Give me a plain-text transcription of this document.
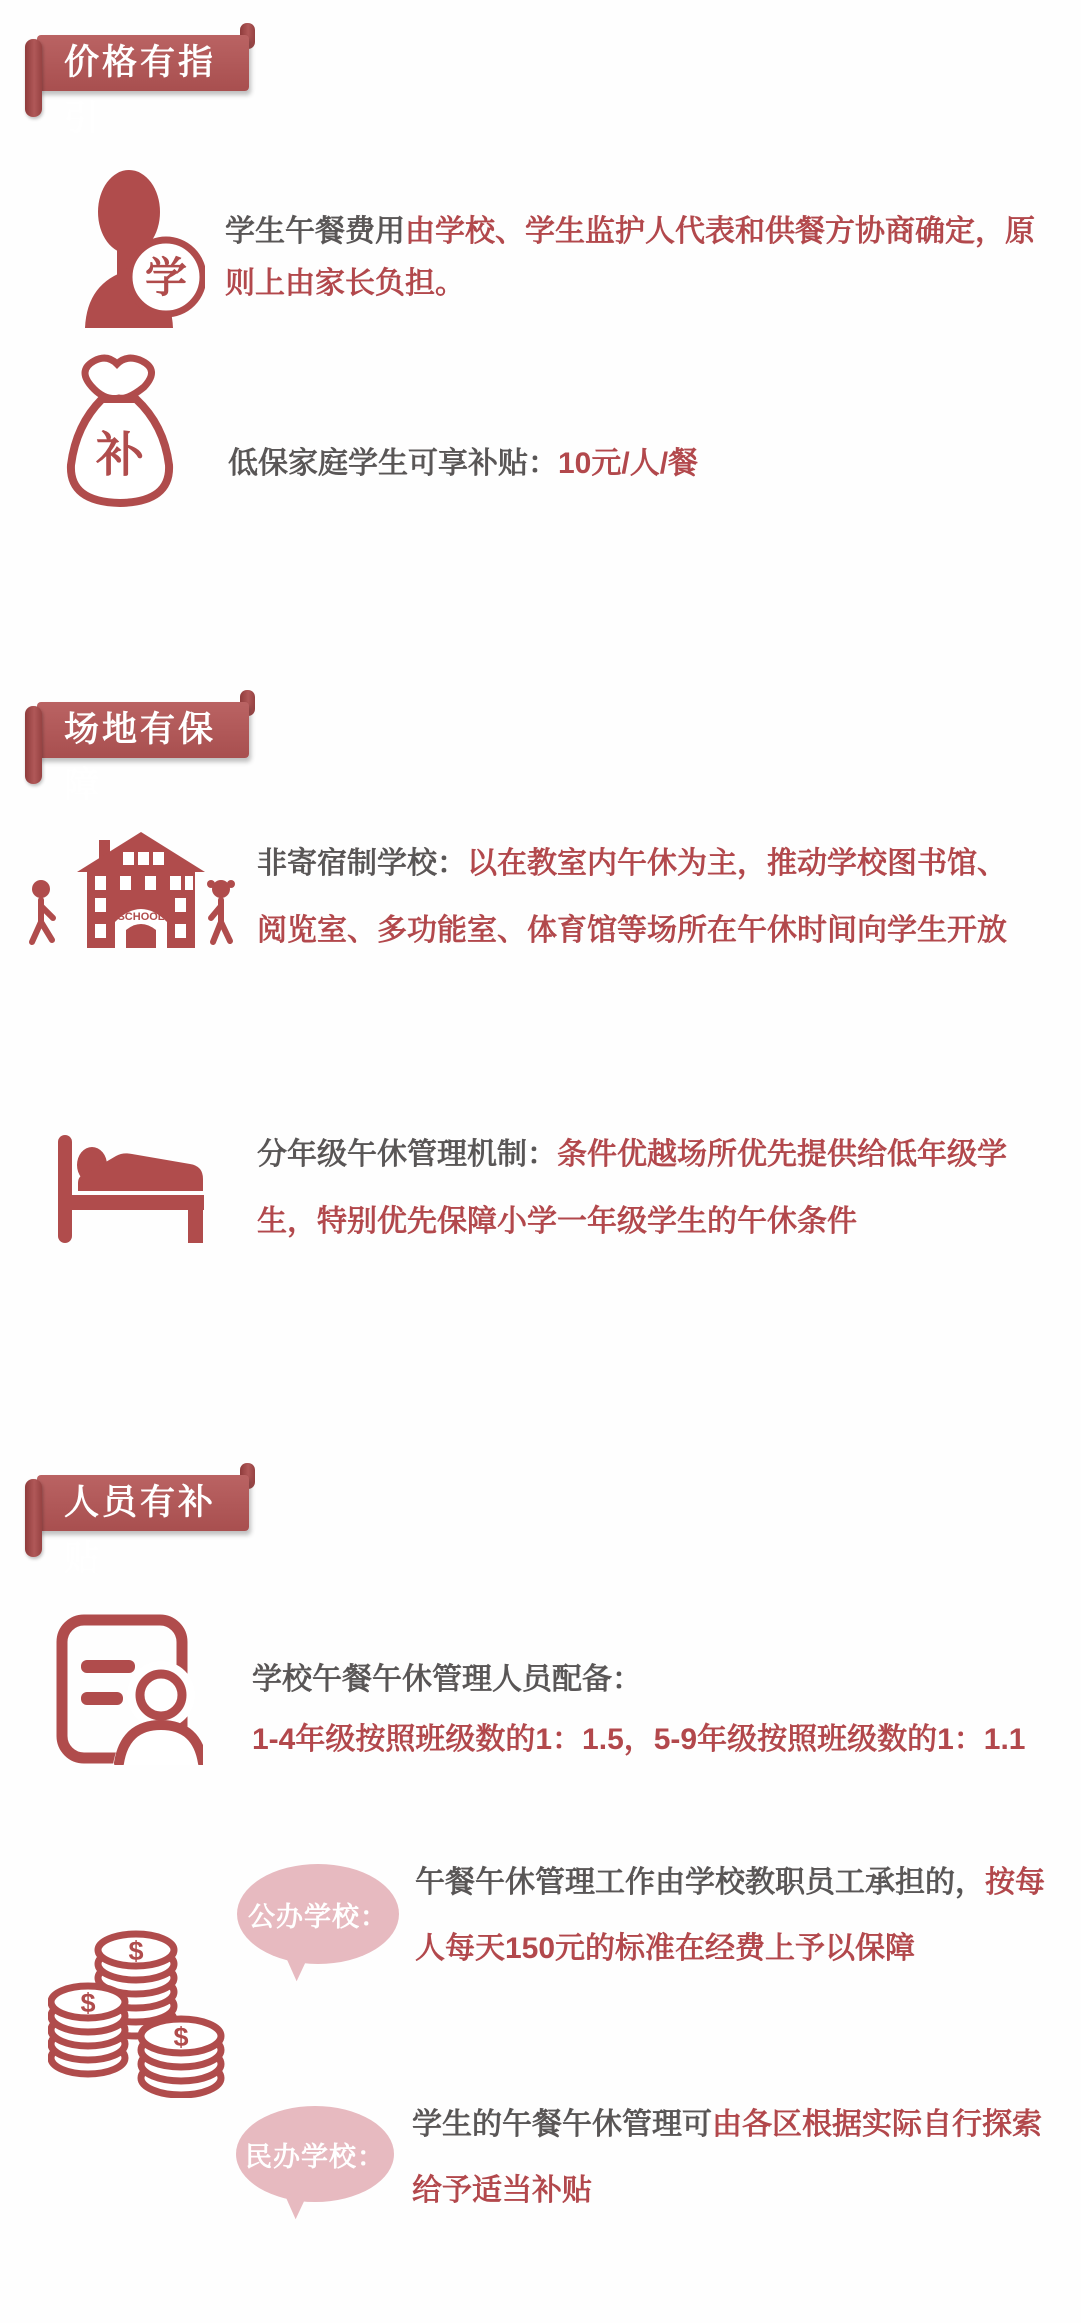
价格有指引
学
学生午餐费用由学校、学生监护人代表和供餐方协商确定，原
则上由家长负担。
补	低保家庭学生可享补贴：10元/人/餐
场地有保障
SCHOOL
非寄宿制学校：以在教室内午休为主，推动学校图书馆、
阅览室、多功能室、体育馆等场所在午休时间向学生开放
分年级午休管理机制：条件优越场所优先提供给低年级学
生，特别优先保障小学一年级学生的午休条件
人员有补贴
学校午餐午休管理人员配备：
1-4年级按照班级数的1：1.5，5-9年级按照班级数的1：1.1
公办学校：
午餐午休管理工作由学校教职员工承担的，按每
人每天150元的标准在经费上予以保障
$
$
$
民办学校：
学生的午餐午休管理可由各区根据实际自行探索
给予适当补贴
